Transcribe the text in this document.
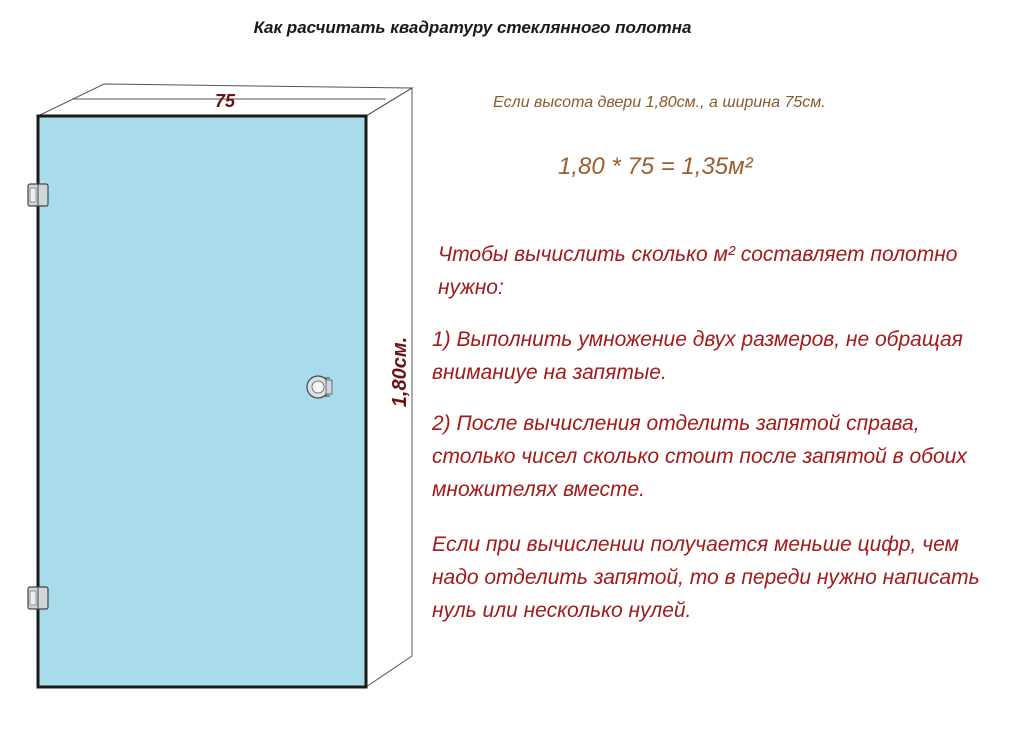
Как расчитать квадратуру стеклянного полотна
75
1,80см.
Если высота двери 1,80см., а ширина 75см.
1,80 * 75 = 1,35м²

Чтобы вычислить сколько м² составляет полотно нужно:

1) Выполнить умножение двух размеров, не обращая вниманиye на запятые.

2) После вычисления отделить запятой справа, столько чисел сколько стоит после запятой в обоих множителях вместе.

Если при вычислении получается меньше цифр, чем надо отделить запятой, то в переди нужно написать нуль или несколько нулей.
